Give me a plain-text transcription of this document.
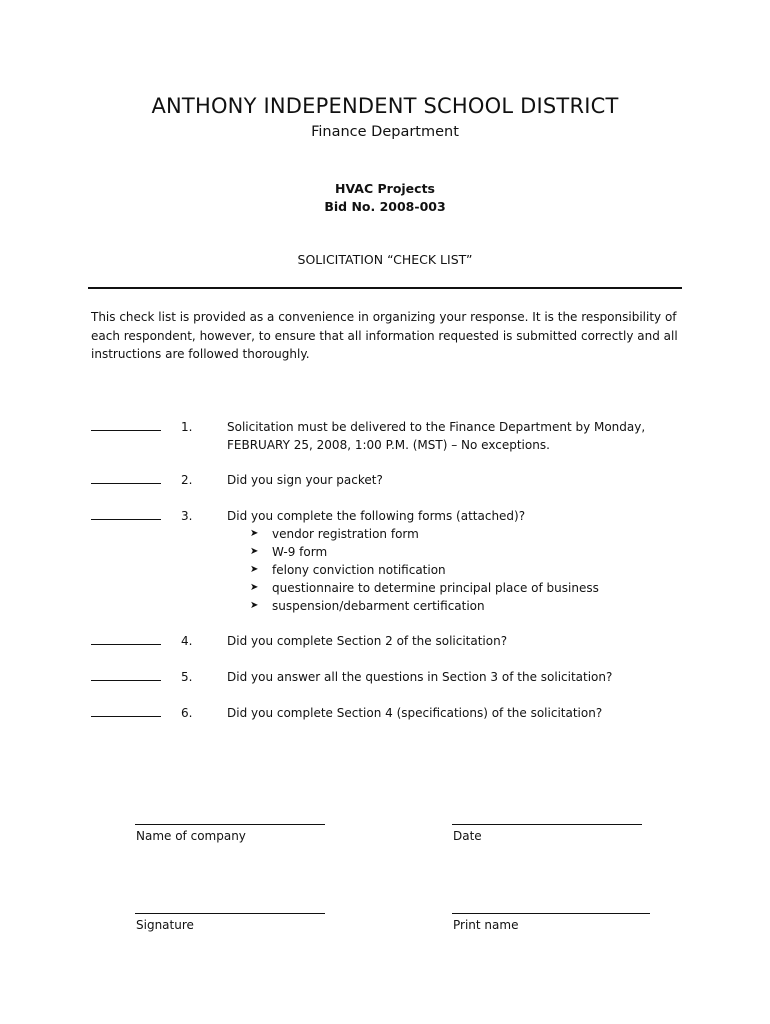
ANTHONY INDEPENDENT SCHOOL DISTRICT
Finance Department
HVAC Projects
Bid No. 2008-003
SOLICITATION “CHECK LIST”
This check list is provided as a convenience in organizing your response. It is the responsibility of each respondent, however, to ensure that all information requested is submitted correctly and all instructions are followed thoroughly.
1.	Solicitation must be delivered to the Finance Department by Monday,
FEBRUARY 25, 2008, 1:00 P.M. (MST) – No exceptions.
2.	Did you sign your packet?
3.	Did you complete the following forms (attached)?
➤ vendor registration form
➤ W-9 form
➤ felony conviction notification
➤ questionnaire to determine principal place of business
➤ suspension/debarment certification
4.	Did you complete Section 2 of the solicitation?
5.	Did you answer all the questions in Section 3 of the solicitation?
6.	Did you complete Section 4 (specifications) of the solicitation?
Name of company	Date
Signature	Print name
